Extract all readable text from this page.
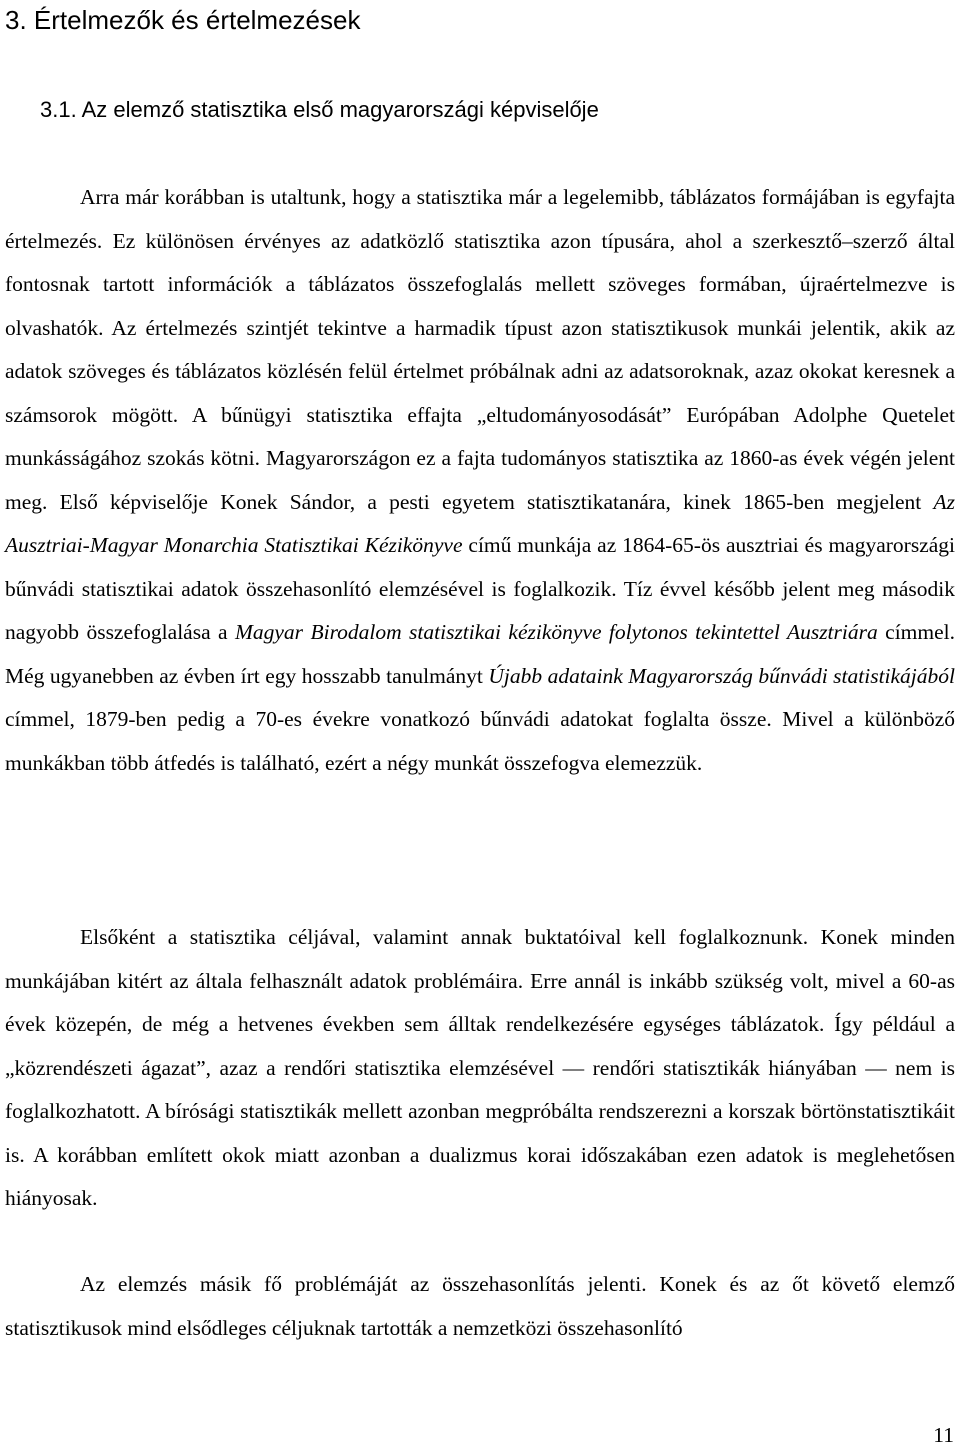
3. Értelmezők és értelmezések
3.1. Az elemző statisztika első magyarországi képviselője

Arra már korábban is utaltunk, hogy a statisztika már a legelemibb, táblázatos formájában is egyfajta értelmezés. Ez különösen érvényes az adatközlő statisztika azon típusára, ahol a szerkesztő–szerző által fontosnak tartott információk a táblázatos összefoglalás mellett szöveges formában, újraértelmezve is olvashatók. Az értelmezés szintjét tekintve a harmadik típust azon statisztikusok munkái jelentik, akik az adatok szöveges és táblázatos közlésén felül értelmet próbálnak adni az adatsoroknak, azaz okokat keresnek a számsorok mögött. A bűnügyi statisztika effajta „eltudományosodását” Európában Adolphe Quetelet munkásságához szokás kötni. Magyarországon ez a fajta tudományos statisztika az 1860-as évek végén jelent meg. Első képviselője Konek Sándor, a pesti egyetem statisztikatanára, kinek 1865-ben megjelent Az Ausztriai-Magyar Monarchia Statisztikai Kézikönyve című munkája az 1864-65-ös ausztriai és magyarországi bűnvádi statisztikai adatok összehasonlító elemzésével is foglalkozik. Tíz évvel később jelent meg második nagyobb összefoglalása a Magyar Birodalom statisztikai kézikönyve folytonos tekintettel Ausztriára címmel. Még ugyanebben az évben írt egy hosszabb tanulmányt Újabb adataink Magyarország bűnvádi statistikájából címmel, 1879-ben pedig a 70-es évekre vonatkozó bűnvádi adatokat foglalta össze. Mivel a különböző munkákban több átfedés is található, ezért a négy munkát összefogva elemezzük.

Elsőként a statisztika céljával, valamint annak buktatóival kell foglalkoznunk. Konek minden munkájában kitért az általa felhasznált adatok problémáira. Erre annál is inkább szükség volt, mivel a 60-as évek közepén, de még a hetvenes években sem álltak rendelkezésére egységes táblázatok. Így például a „közrendészeti ágazat”, azaz a rendőri statisztika elemzésével ― rendőri statisztikák hiányában ― nem is foglalkozhatott. A bírósági statisztikák mellett azonban megpróbálta rendszerezni a korszak börtönstatisztikáit is. A korábban említett okok miatt azonban a dualizmus korai időszakában ezen adatok is meglehetősen hiányosak.

Az elemzés másik fő problémáját az összehasonlítás jelenti. Konek és az őt követő elemző statisztikusok mind elsődleges céljuknak tartották a nemzetközi összehasonlító

11
